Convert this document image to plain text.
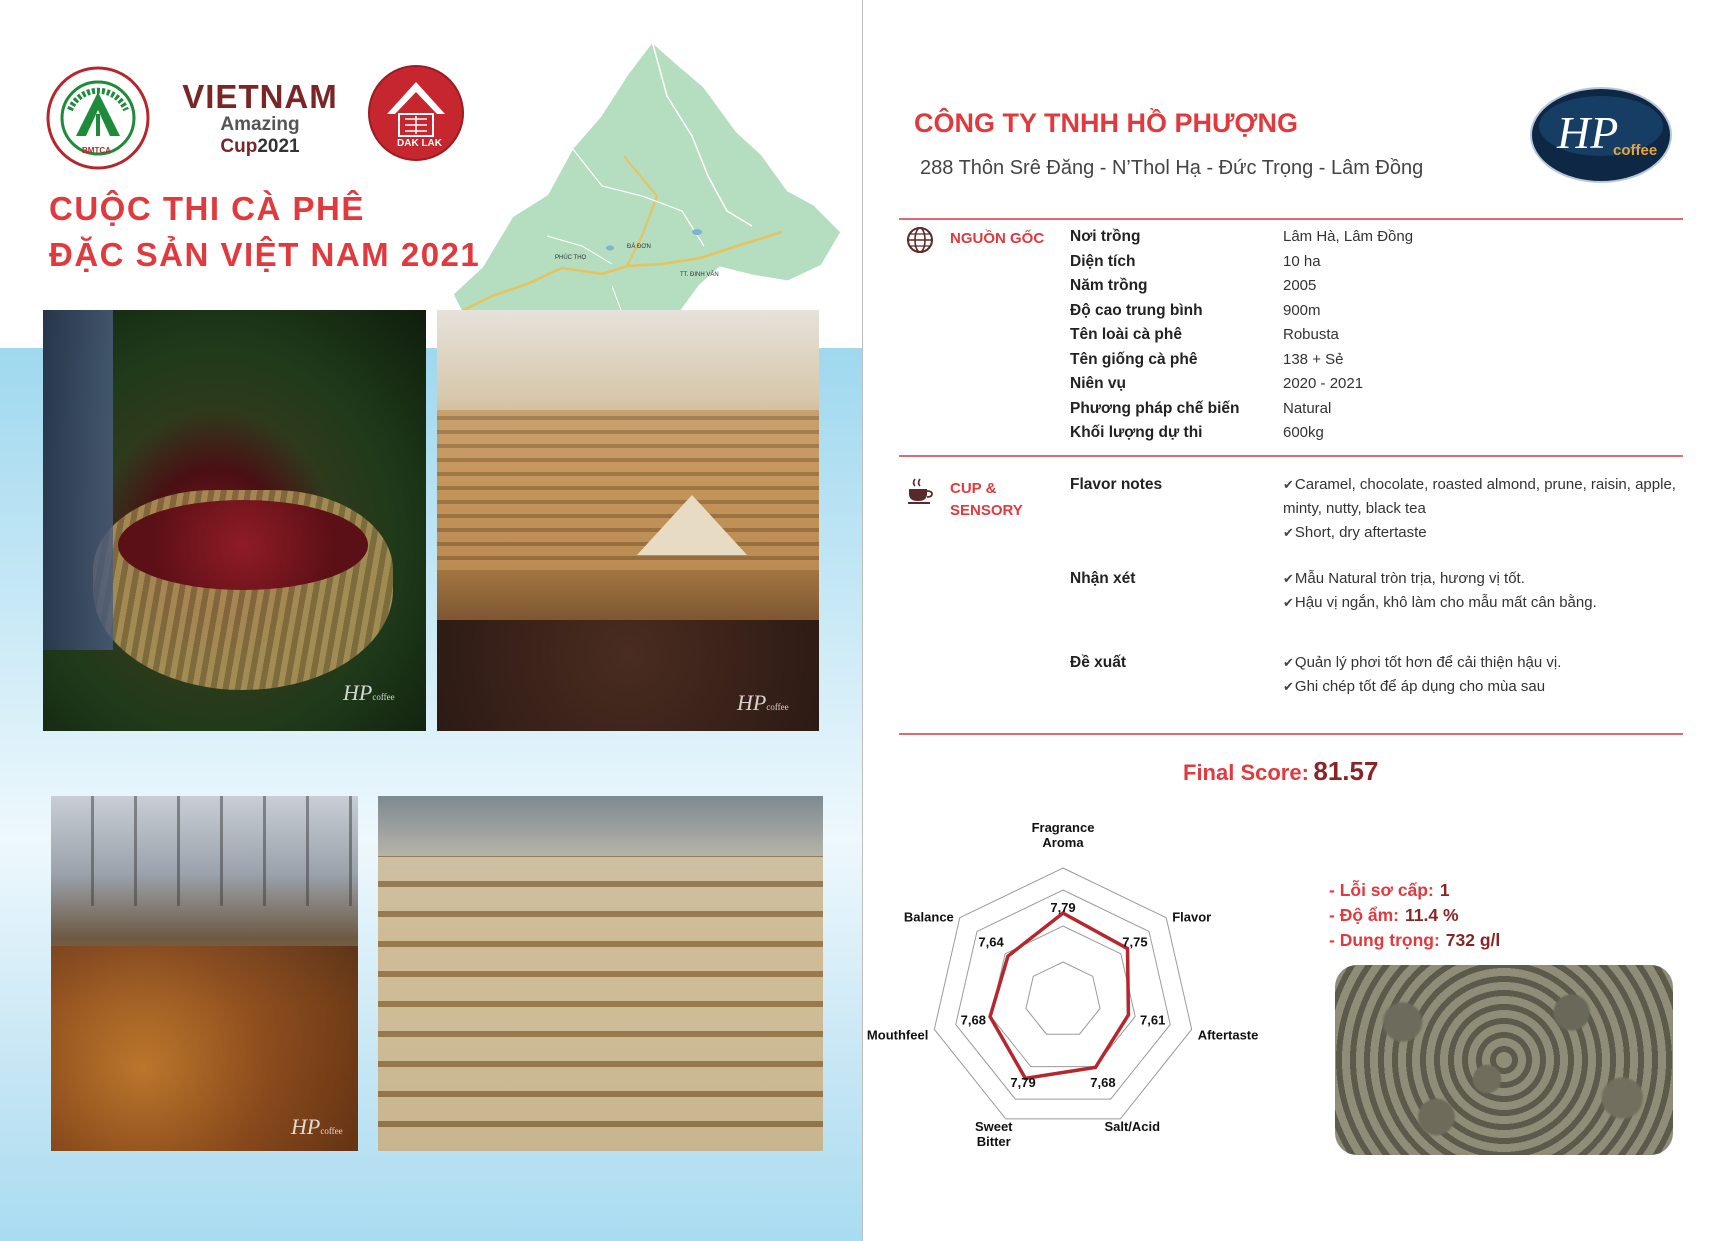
BMTCA
VIETNAM
Amazing Cup2021	DAK LAK
CUỘC THI CÀ PHÊ
ĐẶC SẢN VIỆT NAM 2021	PHÚC THỌ
ĐÀ ĐƠN
TT. ĐINH VĂN
HPcoffee	HPcoffee
HPcoffee
CÔNG TY TNHH HỒ PHƯỢNG
288 Thôn Srê Đăng - N’Thol Hạ - Đức Trọng - Lâm Đồng
HP
coffee
NGUỒN GỐC
CUP &
SENSORY
Flavor notes	✔Caramel, chocolate, roasted almond, prune, raisin, apple, minty, nutty, black tea
✔Short, dry aftertaste
Nhận xét	✔Mẫu Natural tròn trịa, hương vị tốt.
✔Hậu vị ngắn, khô làm cho mẫu mất cân bằng.
Đề xuất	✔Quản lý phơi tốt hơn để cải thiện hậu vị.
✔Ghi chép tốt để áp dụng cho mùa sau
Final Score: 81.57
7,79
7,75
7,61
7,68
7,79
7,68
7,64
Fragrance
Aroma
Flavor
Aftertaste
Salt/Acid
Sweet
Bitter
Mouthfeel
Balance
- Lỗi sơ cấp: 1
- Độ ẩm: 11.4 %
- Dung trọng: 732 g/l
Nơi trồng	Lâm Hà, Lâm Đồng
Diện tích	10 ha
Năm trồng	2005
Độ cao trung bình	900m
Tên loài cà phê	Robusta
Tên giống cà phê	138 + Sẻ
Niên vụ	2020 - 2021
Phương pháp chế biến	Natural
Khối lượng dự thi	600kg
